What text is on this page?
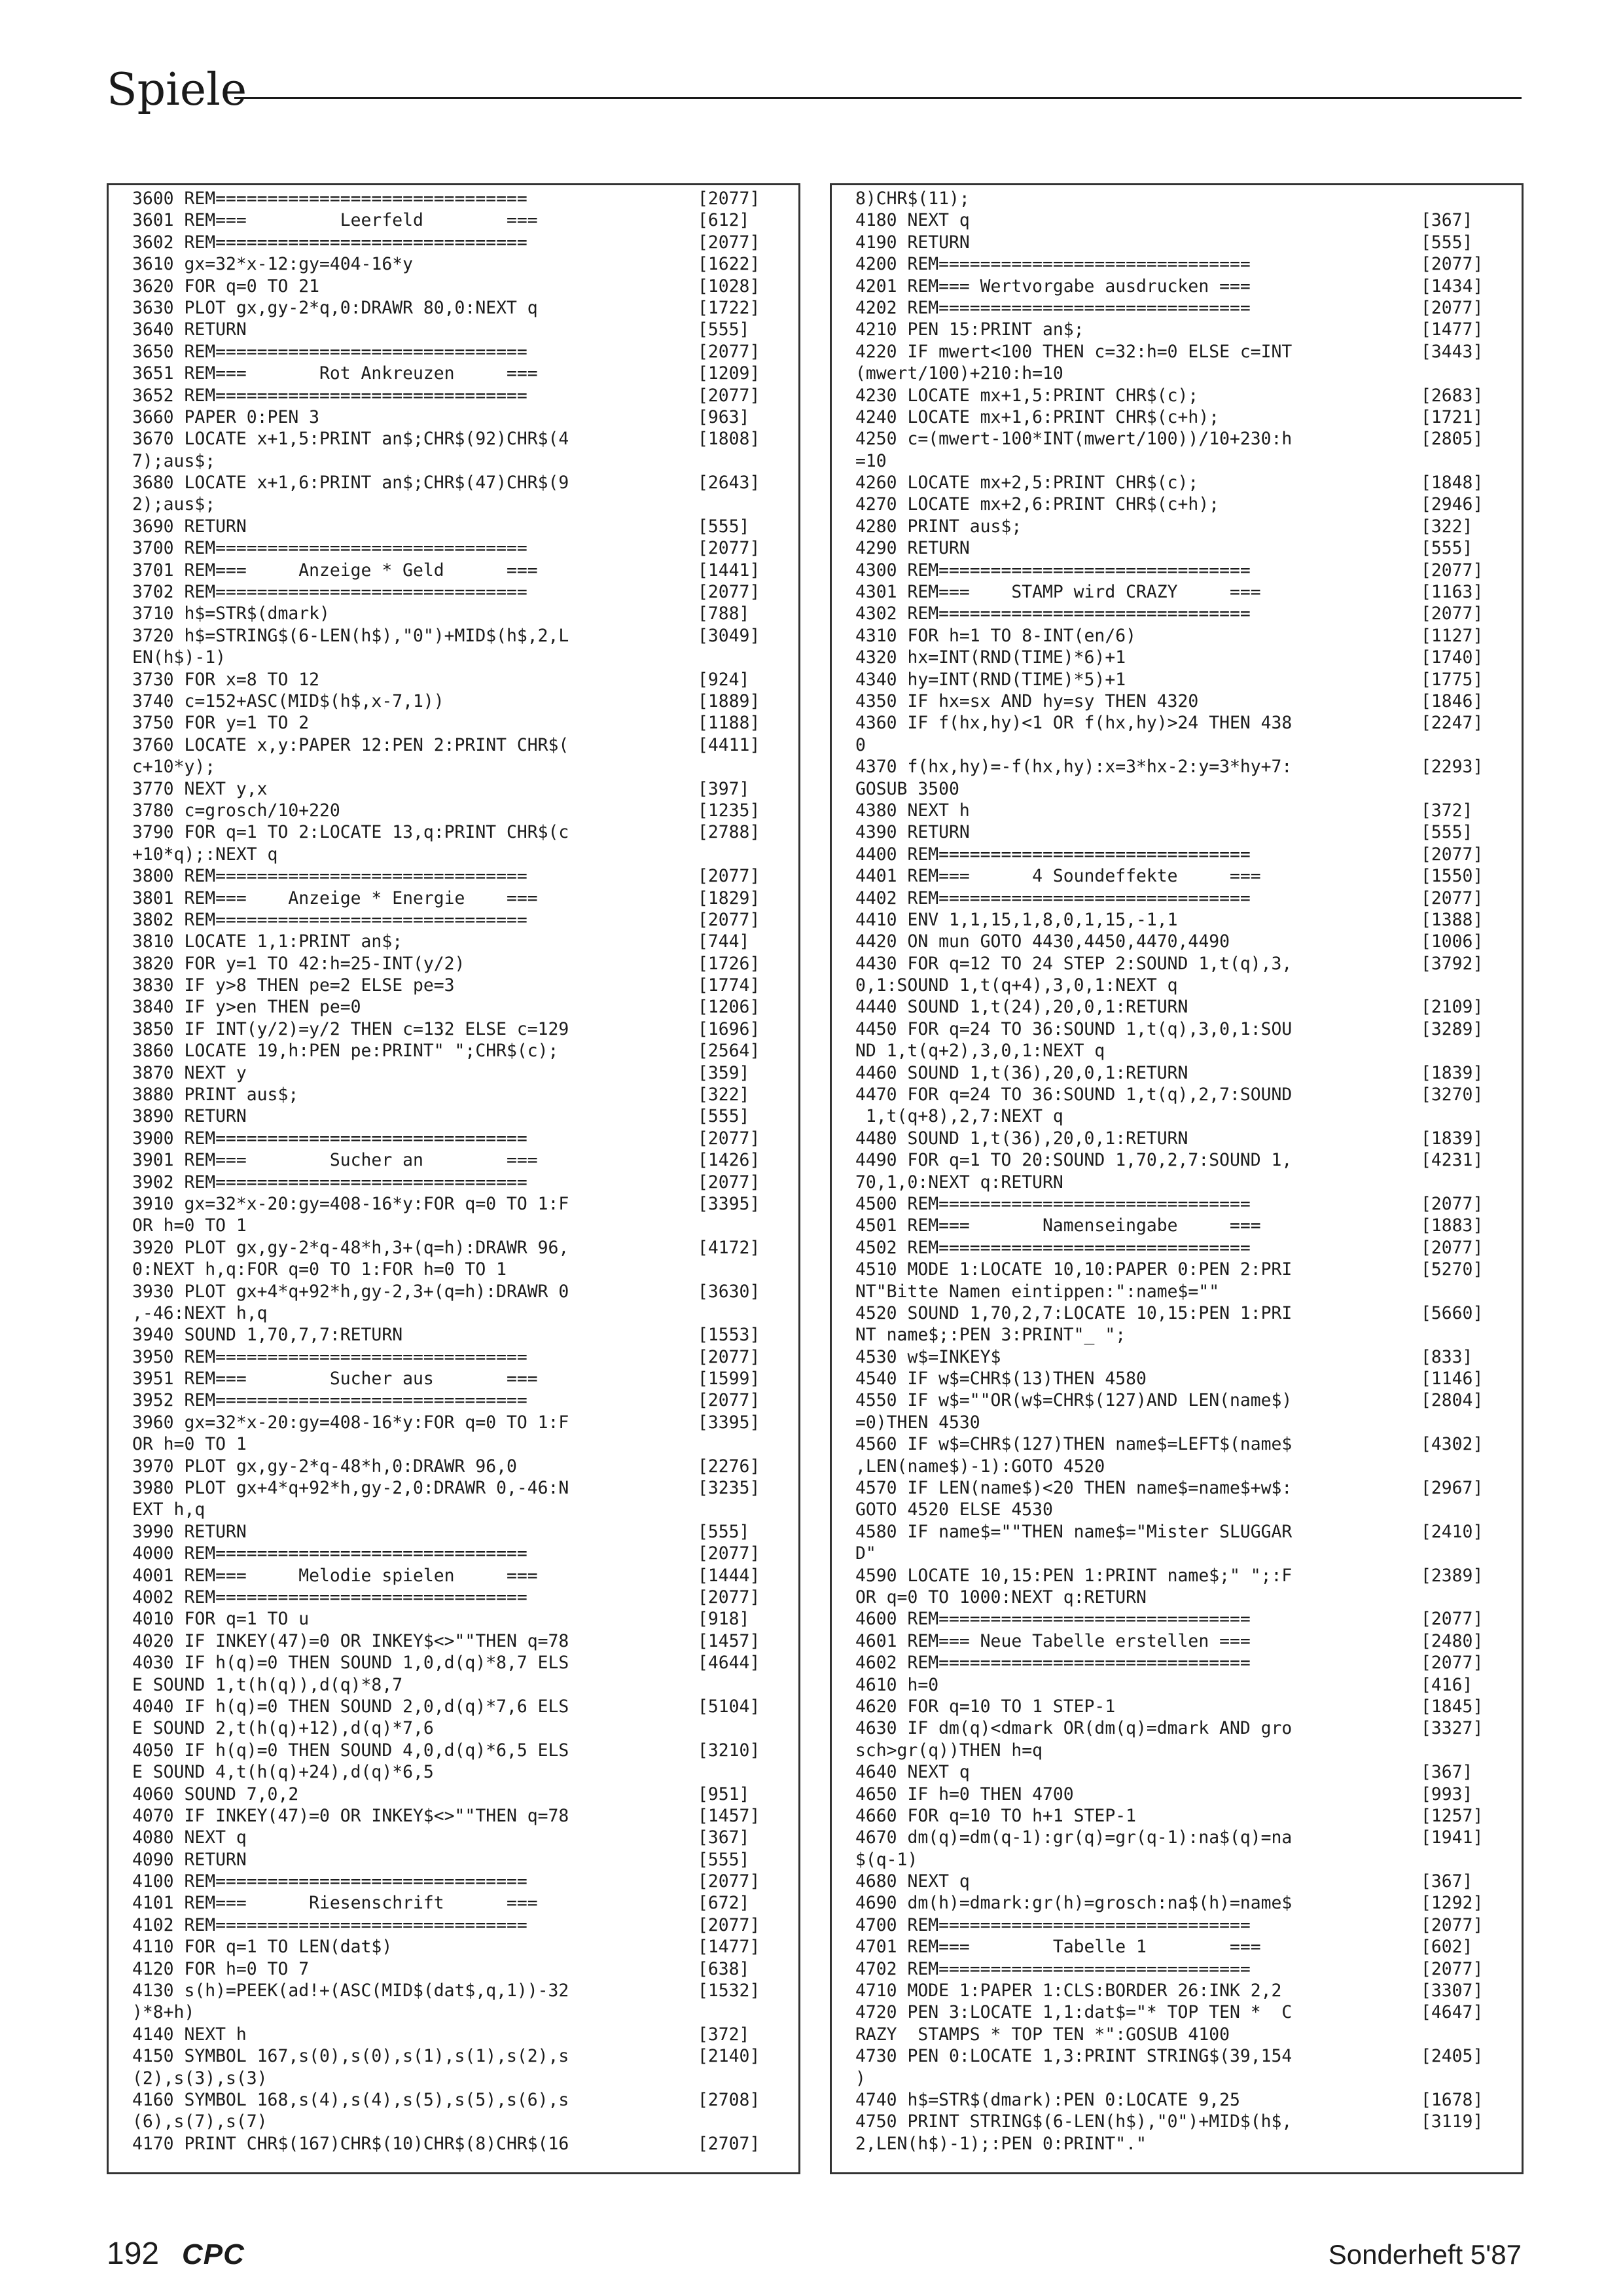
Spiele
3600 REM==============================	[2077]
3601 REM===         Leerfeld        ===	[612]
3602 REM==============================	[2077]
3610 gx=32*x-12:gy=404-16*y	[1622]
3620 FOR q=0 TO 21	[1028]
3630 PLOT gx,gy-2*q,0:DRAWR 80,0:NEXT q	[1722]
3640 RETURN	[555]
3650 REM==============================	[2077]
3651 REM===       Rot Ankreuzen     ===	[1209]
3652 REM==============================	[2077]
3660 PAPER 0:PEN 3	[963]
3670 LOCATE x+1,5:PRINT an$;CHR$(92)CHR$(4	[1808]
7);aus$;
3680 LOCATE x+1,6:PRINT an$;CHR$(47)CHR$(9	[2643]
2);aus$;
3690 RETURN	[555]
3700 REM==============================	[2077]
3701 REM===     Anzeige * Geld      ===	[1441]
3702 REM==============================	[2077]
3710 h$=STR$(dmark)	[788]
3720 h$=STRING$(6-LEN(h$),"0")+MID$(h$,2,L	[3049]
EN(h$)-1)
3730 FOR x=8 TO 12	[924]
3740 c=152+ASC(MID$(h$,x-7,1))	[1889]
3750 FOR y=1 TO 2	[1188]
3760 LOCATE x,y:PAPER 12:PEN 2:PRINT CHR$(	[4411]
c+10*y);
3770 NEXT y,x	[397]
3780 c=grosch/10+220	[1235]
3790 FOR q=1 TO 2:LOCATE 13,q:PRINT CHR$(c	[2788]
+10*q);:NEXT q
3800 REM==============================	[2077]
3801 REM===    Anzeige * Energie    ===	[1829]
3802 REM==============================	[2077]
3810 LOCATE 1,1:PRINT an$;	[744]
3820 FOR y=1 TO 42:h=25-INT(y/2)	[1726]
3830 IF y>8 THEN pe=2 ELSE pe=3	[1774]
3840 IF y>en THEN pe=0	[1206]
3850 IF INT(y/2)=y/2 THEN c=132 ELSE c=129	[1696]
3860 LOCATE 19,h:PEN pe:PRINT" ";CHR$(c);	[2564]
3870 NEXT y	[359]
3880 PRINT aus$;	[322]
3890 RETURN	[555]
3900 REM==============================	[2077]
3901 REM===        Sucher an        ===	[1426]
3902 REM==============================	[2077]
3910 gx=32*x-20:gy=408-16*y:FOR q=0 TO 1:F	[3395]
OR h=0 TO 1
3920 PLOT gx,gy-2*q-48*h,3+(q=h):DRAWR 96,	[4172]
0:NEXT h,q:FOR q=0 TO 1:FOR h=0 TO 1
3930 PLOT gx+4*q+92*h,gy-2,3+(q=h):DRAWR 0	[3630]
,-46:NEXT h,q
3940 SOUND 1,70,7,7:RETURN	[1553]
3950 REM==============================	[2077]
3951 REM===        Sucher aus       ===	[1599]
3952 REM==============================	[2077]
3960 gx=32*x-20:gy=408-16*y:FOR q=0 TO 1:F	[3395]
OR h=0 TO 1
3970 PLOT gx,gy-2*q-48*h,0:DRAWR 96,0	[2276]
3980 PLOT gx+4*q+92*h,gy-2,0:DRAWR 0,-46:N	[3235]
EXT h,q
3990 RETURN	[555]
4000 REM==============================	[2077]
4001 REM===     Melodie spielen     ===	[1444]
4002 REM==============================	[2077]
4010 FOR q=1 TO u	[918]
4020 IF INKEY(47)=0 OR INKEY$<>""THEN q=78	[1457]
4030 IF h(q)=0 THEN SOUND 1,0,d(q)*8,7 ELS	[4644]
E SOUND 1,t(h(q)),d(q)*8,7
4040 IF h(q)=0 THEN SOUND 2,0,d(q)*7,6 ELS	[5104]
E SOUND 2,t(h(q)+12),d(q)*7,6
4050 IF h(q)=0 THEN SOUND 4,0,d(q)*6,5 ELS	[3210]
E SOUND 4,t(h(q)+24),d(q)*6,5
4060 SOUND 7,0,2	[951]
4070 IF INKEY(47)=0 OR INKEY$<>""THEN q=78	[1457]
4080 NEXT q	[367]
4090 RETURN	[555]
4100 REM==============================	[2077]
4101 REM===      Riesenschrift      ===	[672]
4102 REM==============================	[2077]
4110 FOR q=1 TO LEN(dat$)	[1477]
4120 FOR h=0 TO 7	[638]
4130 s(h)=PEEK(ad!+(ASC(MID$(dat$,q,1))-32	[1532]
)*8+h)
4140 NEXT h	[372]
4150 SYMBOL 167,s(0),s(0),s(1),s(1),s(2),s	[2140]
(2),s(3),s(3)
4160 SYMBOL 168,s(4),s(4),s(5),s(5),s(6),s	[2708]
(6),s(7),s(7)
4170 PRINT CHR$(167)CHR$(10)CHR$(8)CHR$(16	[2707]
8)CHR$(11);
4180 NEXT q	[367]
4190 RETURN	[555]
4200 REM==============================	[2077]
4201 REM=== Wertvorgabe ausdrucken ===	[1434]
4202 REM==============================	[2077]
4210 PEN 15:PRINT an$;	[1477]
4220 IF mwert<100 THEN c=32:h=0 ELSE c=INT	[3443]
(mwert/100)+210:h=10
4230 LOCATE mx+1,5:PRINT CHR$(c);	[2683]
4240 LOCATE mx+1,6:PRINT CHR$(c+h);	[1721]
4250 c=(mwert-100*INT(mwert/100))/10+230:h	[2805]
=10
4260 LOCATE mx+2,5:PRINT CHR$(c);	[1848]
4270 LOCATE mx+2,6:PRINT CHR$(c+h);	[2946]
4280 PRINT aus$;	[322]
4290 RETURN	[555]
4300 REM==============================	[2077]
4301 REM===    STAMP wird CRAZY     ===	[1163]
4302 REM==============================	[2077]
4310 FOR h=1 TO 8-INT(en/6)	[1127]
4320 hx=INT(RND(TIME)*6)+1	[1740]
4340 hy=INT(RND(TIME)*5)+1	[1775]
4350 IF hx=sx AND hy=sy THEN 4320	[1846]
4360 IF f(hx,hy)<1 OR f(hx,hy)>24 THEN 438	[2247]
0
4370 f(hx,hy)=-f(hx,hy):x=3*hx-2:y=3*hy+7:	[2293]
GOSUB 3500
4380 NEXT h	[372]
4390 RETURN	[555]
4400 REM==============================	[2077]
4401 REM===      4 Soundeffekte     ===	[1550]
4402 REM==============================	[2077]
4410 ENV 1,1,15,1,8,0,1,15,-1,1	[1388]
4420 ON mun GOTO 4430,4450,4470,4490	[1006]
4430 FOR q=12 TO 24 STEP 2:SOUND 1,t(q),3,	[3792]
0,1:SOUND 1,t(q+4),3,0,1:NEXT q
4440 SOUND 1,t(24),20,0,1:RETURN	[2109]
4450 FOR q=24 TO 36:SOUND 1,t(q),3,0,1:SOU	[3289]
ND 1,t(q+2),3,0,1:NEXT q
4460 SOUND 1,t(36),20,0,1:RETURN	[1839]
4470 FOR q=24 TO 36:SOUND 1,t(q),2,7:SOUND	[3270]
1,t(q+8),2,7:NEXT q
4480 SOUND 1,t(36),20,0,1:RETURN	[1839]
4490 FOR q=1 TO 20:SOUND 1,70,2,7:SOUND 1,	[4231]
70,1,0:NEXT q:RETURN
4500 REM==============================	[2077]
4501 REM===       Namenseingabe     ===	[1883]
4502 REM==============================	[2077]
4510 MODE 1:LOCATE 10,10:PAPER 0:PEN 2:PRI	[5270]
NT"Bitte Namen eintippen:":name$=""
4520 SOUND 1,70,2,7:LOCATE 10,15:PEN 1:PRI	[5660]
NT name$;:PEN 3:PRINT"_ ";
4530 w$=INKEY$	[833]
4540 IF w$=CHR$(13)THEN 4580	[1146]
4550 IF w$=""OR(w$=CHR$(127)AND LEN(name$)	[2804]
=0)THEN 4530
4560 IF w$=CHR$(127)THEN name$=LEFT$(name$	[4302]
,LEN(name$)-1):GOTO 4520
4570 IF LEN(name$)<20 THEN name$=name$+w$:	[2967]
GOTO 4520 ELSE 4530
4580 IF name$=""THEN name$="Mister SLUGGAR	[2410]
D"
4590 LOCATE 10,15:PEN 1:PRINT name$;" ";:F	[2389]
OR q=0 TO 1000:NEXT q:RETURN
4600 REM==============================	[2077]
4601 REM=== Neue Tabelle erstellen ===	[2480]
4602 REM==============================	[2077]
4610 h=0	[416]
4620 FOR q=10 TO 1 STEP-1	[1845]
4630 IF dm(q)<dmark OR(dm(q)=dmark AND gro	[3327]
sch>gr(q))THEN h=q
4640 NEXT q	[367]
4650 IF h=0 THEN 4700	[993]
4660 FOR q=10 TO h+1 STEP-1	[1257]
4670 dm(q)=dm(q-1):gr(q)=gr(q-1):na$(q)=na	[1941]
$(q-1)
4680 NEXT q	[367]
4690 dm(h)=dmark:gr(h)=grosch:na$(h)=name$	[1292]
4700 REM==============================	[2077]
4701 REM===        Tabelle 1        ===	[602]
4702 REM==============================	[2077]
4710 MODE 1:PAPER 1:CLS:BORDER 26:INK 2,2	[3307]
4720 PEN 3:LOCATE 1,1:dat$="* TOP TEN *  C	[4647]
RAZY  STAMPS * TOP TEN *":GOSUB 4100
4730 PEN 0:LOCATE 1,3:PRINT STRING$(39,154	[2405]
)
4740 h$=STR$(dmark):PEN 0:LOCATE 9,25	[1678]
4750 PRINT STRING$(6-LEN(h$),"0")+MID$(h$,	[3119]
2,LEN(h$)-1);:PEN 0:PRINT"."
192 CPC	Sonderheft 5'87
